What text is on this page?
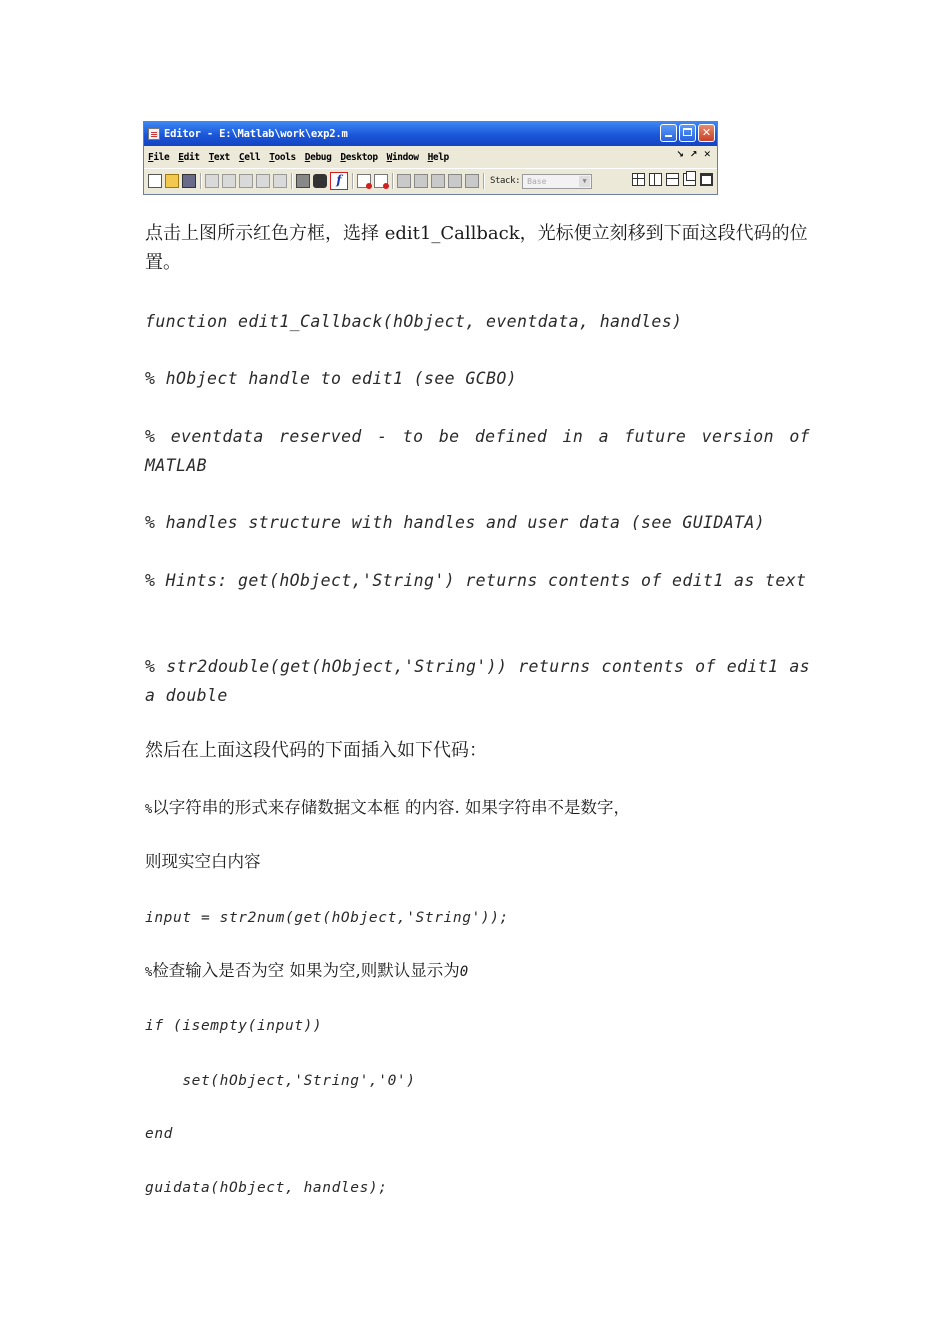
Editor - E:\Matlab\work\exp2.m	✕
File Edit Text Cell Tools Debug Desktop Window Help	↘ ↗ ✕
f	Stack: Base	▼

点击上图所示红色方框，选择 edit1_Callback，光标便立刻移到下面这段代码的位置。

function edit1_Callback(hObject, eventdata, handles)

% hObject handle to edit1 (see GCBO)

% eventdata reserved - to be defined in a future version of MATLAB

% handles structure with handles and user data (see GUIDATA)

% Hints: get(hObject,'String') returns contents of edit1 as text

% str2double(get(hObject,'String')) returns contents of edit1 as a double

然后在上面这段代码的下面插入如下代码：

%以字符串的形式来存储数据文本框 的内容. 如果字符串不是数字，

则现实空白内容

input = str2num(get(hObject,'String'));

%检查输入是否为空 如果为空,则默认显示为0

if (isempty(input))

set(hObject,'String','0')

end

guidata(hObject, handles);
